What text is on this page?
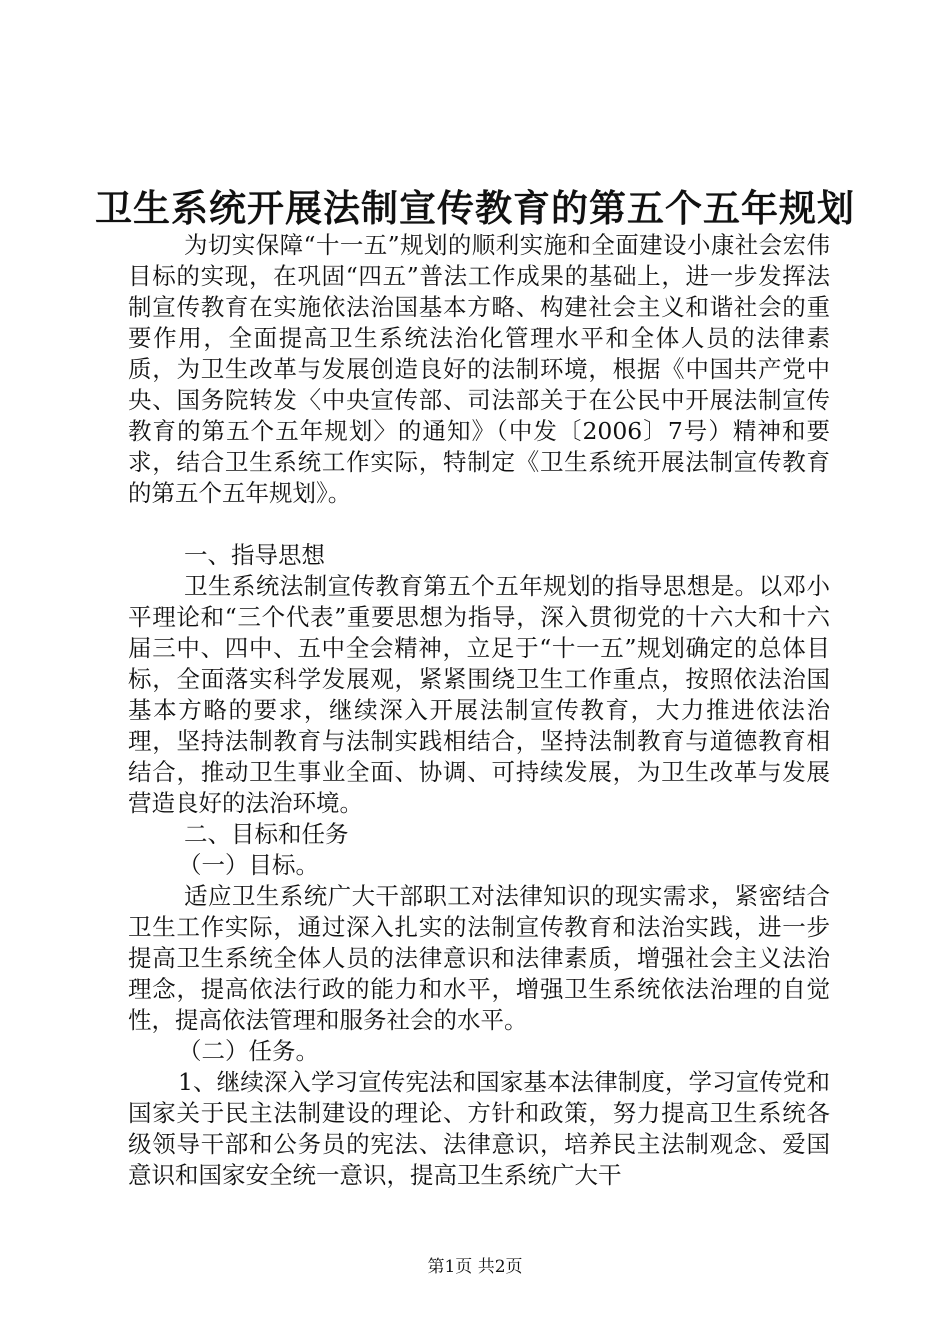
卫生系统开展法制宣传教育的第五个五年规划

为切实保障“十一五”规划的顺利实施和全面建设小康社会宏伟目标的实现，在巩固“四五”普法工作成果的基础上，进一步发挥法制宣传教育在实施依法治国基本方略、构建社会主义和谐社会的重要作用，全面提高卫生系统法治化管理水平和全体人员的法律素质，为卫生改革与发展创造良好的法制环境，根据《中国共产党中央、国务院转发〈中央宣传部、司法部关于在公民中开展法制宣传教育的第五个五年规划〉的通知》（中发〔2006〕7号）精神和要求，结合卫生系统工作实际，特制定《卫生系统开展法制宣传教育的第五个五年规划》。

一、指导思想

卫生系统法制宣传教育第五个五年规划的指导思想是。以邓小平理论和“三个代表”重要思想为指导，深入贯彻党的十六大和十六届三中、四中、五中全会精神，立足于“十一五”规划确定的总体目标，全面落实科学发展观，紧紧围绕卫生工作重点，按照依法治国基本方略的要求，继续深入开展法制宣传教育，大力推进依法治理，坚持法制教育与法制实践相结合，坚持法制教育与道德教育相结合，推动卫生事业全面、协调、可持续发展，为卫生改革与发展营造良好的法治环境。

二、目标和任务

（一）目标。

适应卫生系统广大干部职工对法律知识的现实需求，紧密结合卫生工作实际，通过深入扎实的法制宣传教育和法治实践，进一步提高卫生系统全体人员的法律意识和法律素质，增强社会主义法治理念，提高依法行政的能力和水平，增强卫生系统依法治理的自觉性，提高依法管理和服务社会的水平。

（二）任务。

1、继续深入学习宣传宪法和国家基本法律制度，学习宣传党和国家关于民主法制建设的理论、方针和政策，努力提高卫生系统各级领导干部和公务员的宪法、法律意识，培养民主法制观念、爱国意识和国家安全统一意识，提高卫生系统广大干

第1页 共2页
